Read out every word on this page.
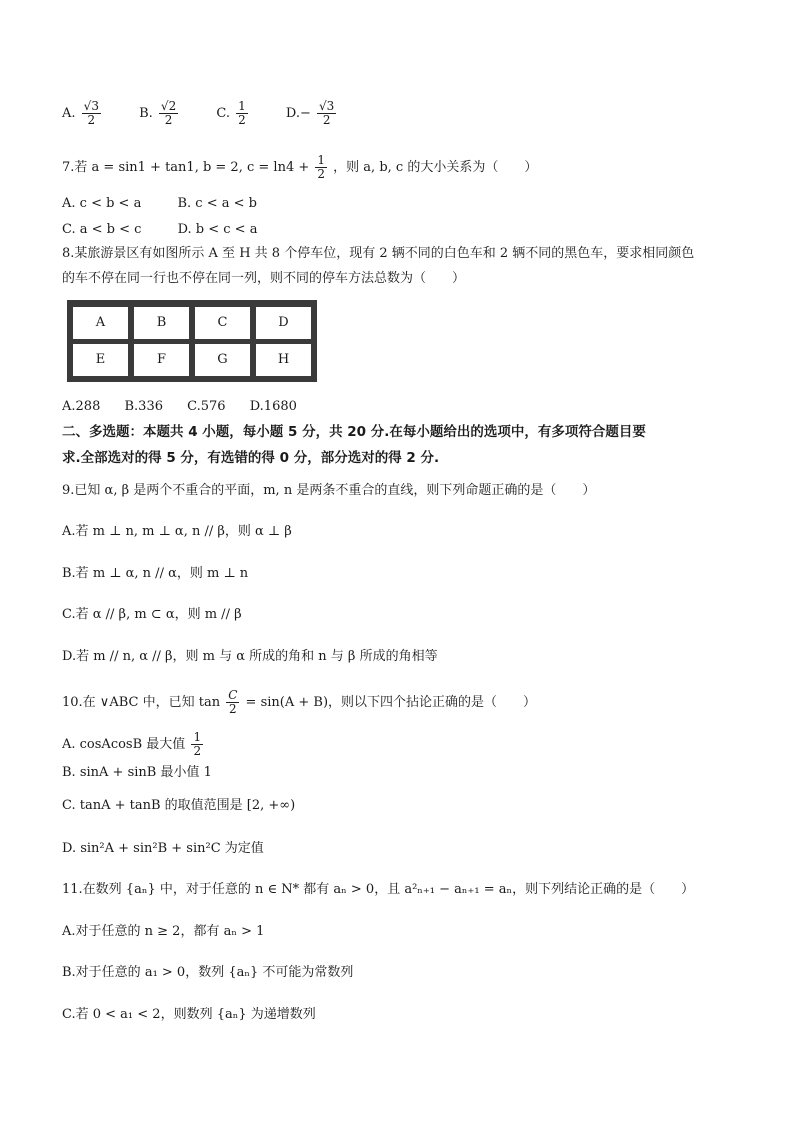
A. $\frac{√3}{2}$	B. $\frac{√2}{2}$	C. $\frac{1}{2}$	$D.- \frac{√3}{2}$
7.若 a = sin1 + tan1, b = 2, $c = \ln 4 + \frac{1}{2}$ ，则 a, b, c 的大小关系为（　　）
A. c < b < a	B. c < a < b
C. a < b < c	D. b < c < a
8.某旅游景区有如图所示 A 至 H 共 8 个停车位，现有 2 辆不同的白色车和 2 辆不同的黑色车，要求相同颜色
的车不停在同一行也不停在同一列，则不同的停车方法总数为（　　）
A	B	C	D
E	F	G	H
A.288 B.336 C.576 D.1680
二、多选题：本题共 4 小题，每小题 5 分，共 20 分.在每小题给出的选项中，有多项符合题目要
求.全部选对的得 5 分，有选错的得 0 分，部分选对的得 2 分.
9.已知 α, β 是两个不重合的平面，m, n 是两条不重合的直线，则下列命题正确的是（　　）
A.若 m ⊥ n, m ⊥ α, n // β，则 α ⊥ β
B.若 m ⊥ α, n // α，则 m ⊥ n
C.若 α // β, m ⊂ α，则 m // β
D.若 m // n, α // β，则 m 与 α 所成的角和 n 与 β 所成的角相等
10.在 ∨ABC 中，已知 $\tan \frac{C}{2} = \sin(A + B)$，则以下四个拈论正确的是（　　）
A. cosAcosB 最大值 $\frac{1}{2}$
B. sinA + sinB 最小值 1
C. tanA + tanB 的取值范围是 [2, +∞)
D. sin²A + sin²B + sin²C 为定值
11.在数列 {aₙ} 中，对于任意的 n ∈ N* 都有 aₙ > 0，且 a²ₙ₊₁ − aₙ₊₁ = aₙ，则下列结论正确的是（　　）
A.对于任意的 n ≥ 2，都有 aₙ > 1
B.对于任意的 a₁ > 0，数列 {aₙ} 不可能为常数列
C.若 0 < a₁ < 2，则数列 {aₙ} 为递增数列
